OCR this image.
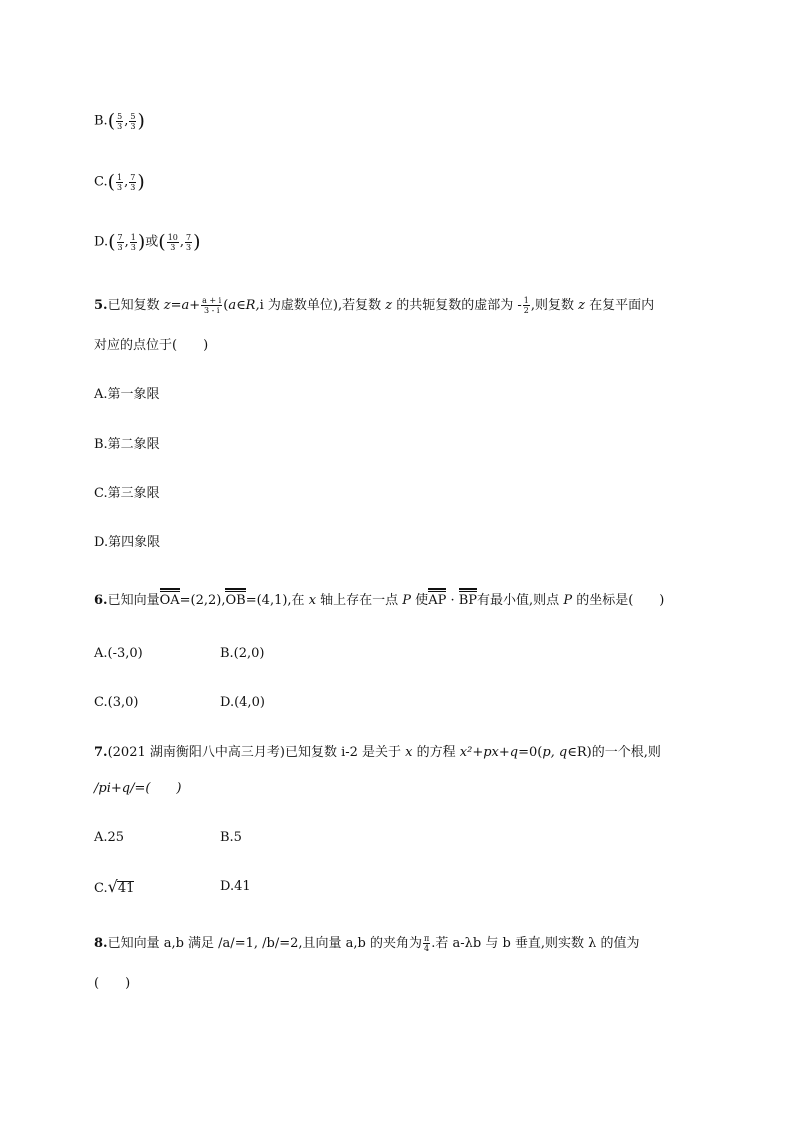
$B.( \frac{5}{3}$ , $\frac{5}{3}$ )
$C.( \frac{1}{3}$ , $\frac{7}{3}$ )
$D.( \frac{7}{3}$ , $\frac{1}{3}$ )或( $\frac{10}{3}$ , $\frac{7}{3}$ )
5.已知复数 $z=a+ \frac{a + i}{3 - i}$ (a∈R,i 为虚数单位),若复数 z 的共轭复数的虚部为 - $\frac{1}{2}$ ,则复数 z 在复平面内
对应的点位于(　　)
A.第一象限
B.第二象限
C.第三象限
D.第四象限
6.已知向量OA=(2,2),OB=(4,1),在 x 轴上存在一点 P 使AP · BP有最小值,则点 P 的坐标是(　　)
A.(-3,0)	B.(2,0)
C.(3,0)	D.(4,0)
7.(2021 湖南衡阳八中高三月考)已知复数 i-2 是关于 x 的方程 x²+px+q=0(p, q∈R)的一个根,则
/pi+q/=(　　)
A.25	B.5
C.√41	D.41
8.已知向量 a,b 满足 /a/=1, /b/=2,且向量 a,b 的夹角为 $\frac{\pi}{4}$ .若 a-λb 与 b 垂直,则实数 λ 的值为
(　　)
